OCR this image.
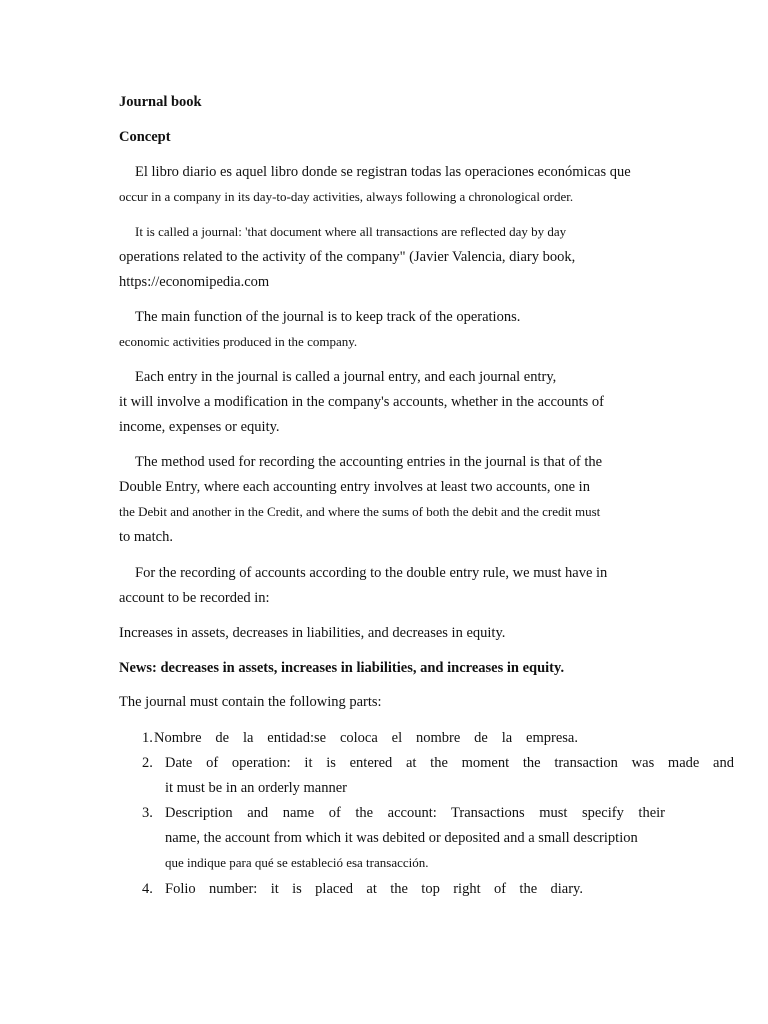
Journal book
Concept
El libro diario es aquel libro donde se registran todas las operaciones económicas que
occur in a company in its day-to-day activities, always following a chronological order.
It is called a journal: 'that document where all transactions are reflected day by day
operations related to the activity of the company" (Javier Valencia, diary book,
https://economipedia.com
The main function of the journal is to keep track of the operations.
economic activities produced in the company.
Each entry in the journal is called a journal entry, and each journal entry,
it will involve a modification in the company's accounts, whether in the accounts of
income, expenses or equity.
The method used for recording the accounting entries in the journal is that of the
Double Entry, where each accounting entry involves at least two accounts, one in
the Debit and another in the Credit, and where the sums of both the debit and the credit must
to match.
For the recording of accounts according to the double entry rule, we must have in
account to be recorded in:
Increases in assets, decreases in liabilities, and decreases in equity.
News: decreases in assets, increases in liabilities, and increases in equity.
The journal must contain the following parts:
1. Nombre de la entidad:se coloca el nombre de la empresa.
2. Date of operation: it is entered at the moment the transaction was made and
it must be in an orderly manner
3. Description and name of the account: Transactions must specify their
name, the account from which it was debited or deposited and a small description
que indique para qué se estableció esa transacción.
4. Folio number: it is placed at the top right of the diary.
